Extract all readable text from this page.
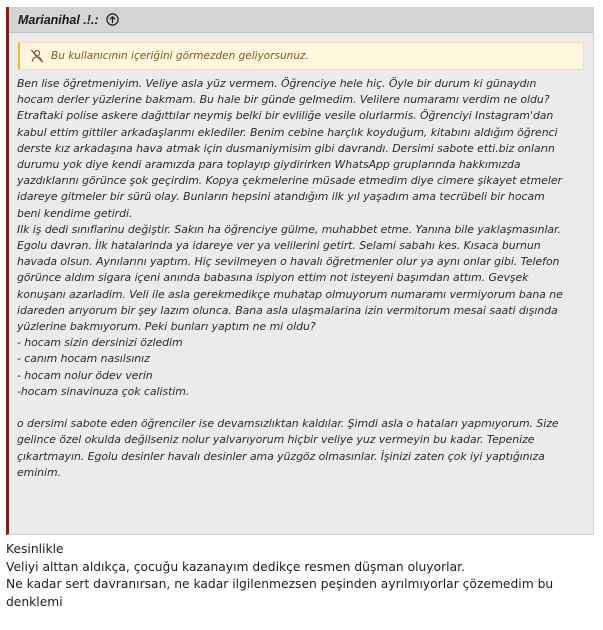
Marianihal .!.:
Bu kullanıcının içeriğini görmezden geliyorsunuz.

Ben lise öğretmeniyim. Veliye asla yüz vermem. Öğrenciye hele hiç. Öyle bir durum ki günaydın

hocam derler yüzlerine bakmam. Bu hale bir günde gelmedim. Velilere numaramı verdim ne oldu?

Etraftaki polise askere dağıttılar neymiş belki bir evliliğe vesile olurlarmis. Öğrenciyi Instagram'dan

kabul ettim gittiler arkadaşlarımı eklediler. Benim cebine harçlık koyduğum, kitabını aldığım öğrenci

derste kız arkadaşına hava atmak için dusmaniymisim gibi davrandı. Dersimi sabote etti.biz onların

durumu yok diye kendi aramızda para toplayıp giydirirken WhatsApp gruplarında hakkımızda

yazdıklarını görünce şok geçirdim. Kopya çekmelerine müsade etmedim diye cimere şikayet etmeler

idareye gitmeler bir sürü olay. Bunların hepsini atandığım ilk yıl yaşadım ama tecrübeli bir hocam

beni kendime getirdi.

Ilk iş dedi sınıflarinu değiştir. Sakın ha öğrenciye gülme, muhabbet etme. Yanına bile yaklaşmasınlar.

Egolu davran. İlk hatalarinda ya idareye ver ya velilerini getirt. Selami sabahı kes. Kısaca burnun

havada olsun. Aynılarını yaptım. Hiç sevilmeyen o havalı öğretmenler olur ya aynı onlar gibi. Telefon

görünce aldım sigara içeni anında babasına ispiyon ettim not isteyeni başımdan attım. Gevşek

konuşanı azarladim. Veli ile asla gerekmedikçe muhatap olmuyorum numaramı vermiyorum bana ne

idareden arıyorum bir şey lazım olunca. Bana asla ulaşmalarina izin vermitorum mesai saati dışında

yüzlerine bakmıyorum. Peki bunları yaptım ne mi oldu?

- hocam sizin dersinizi özledim

- canım hocam nasılsınız

- hocam nolur ödev verin

-hocam sinavinuza çok calistim.

o dersimi sabote eden öğrenciler ise devamsızlıktan kaldılar. Şimdi asla o hataları yapmıyorum. Size

gelince özel okulda değilseniz nolur yalvarıyorum hiçbir veliye yuz vermeyin bu kadar. Tepenize

çıkartmayın. Egolu desinler havalı desinler ama yüzgöz olmasınlar. İşinizi zaten çok iyi yaptığınıza

eminim.

Kesinlikle

Veliyi alttan aldıkça, çocuğu kazanayım dedikçe resmen düşman oluyorlar.

Ne kadar sert davranırsan, ne kadar ilgilenmezsen peşinden ayrılmıyorlar çözemedim bu

denklemi
